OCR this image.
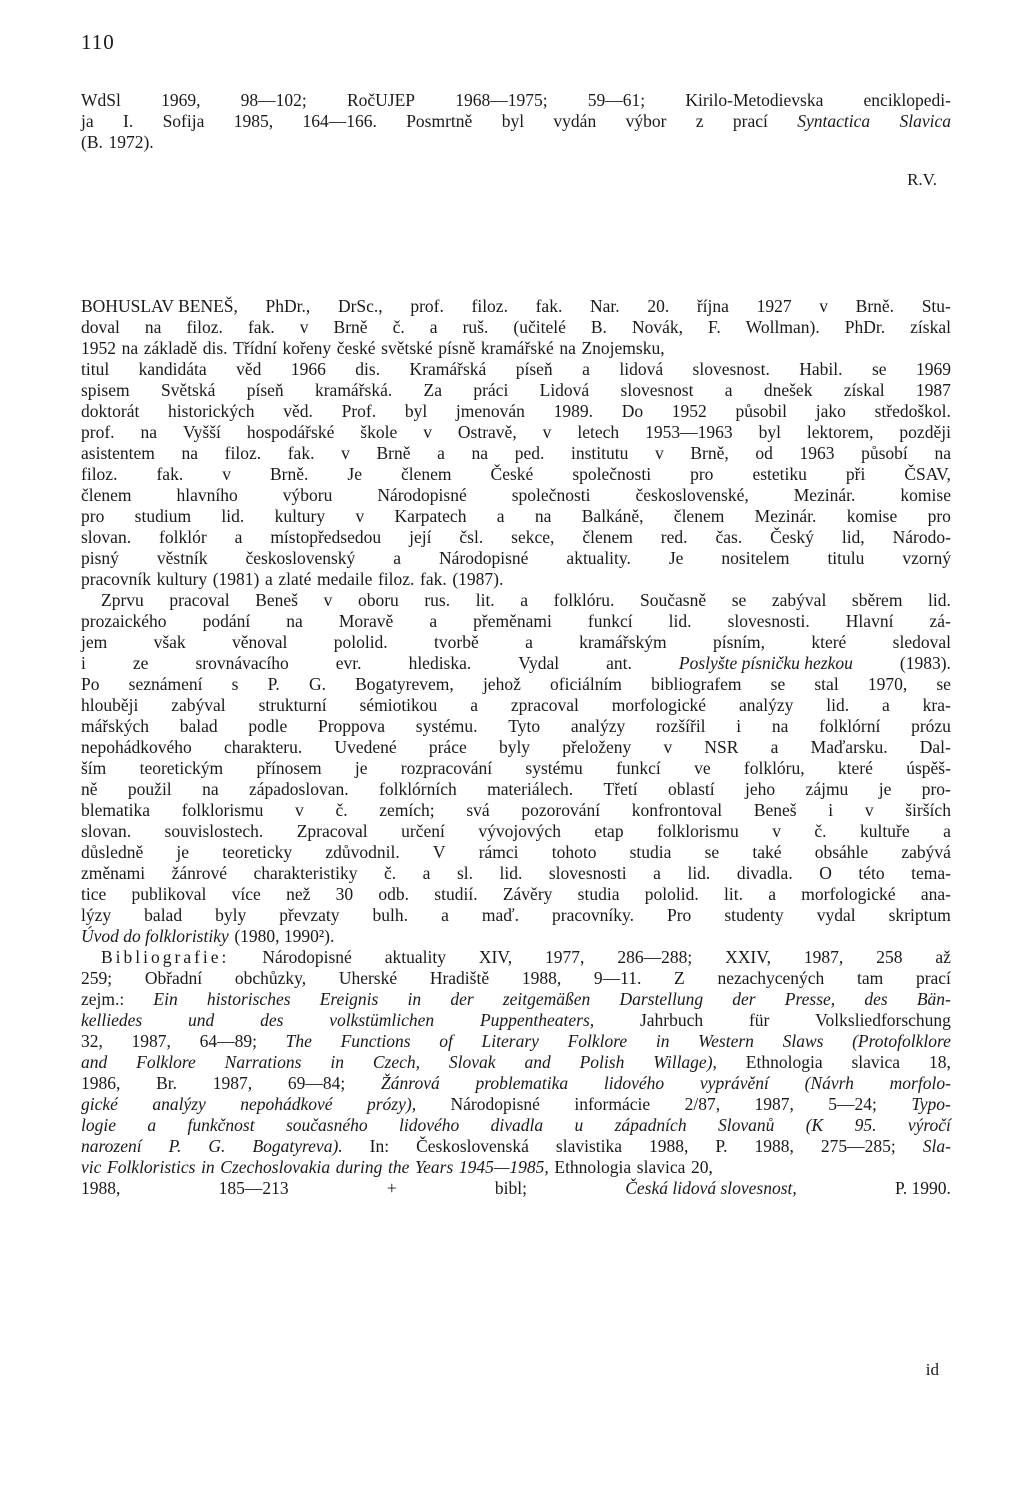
110
WdSl 1969, 98—102; RočUJEP 1968—1975; 59—61; Kirilo-Metodievska enciklopedi-
ja I. Sofija 1985, 164—166. Posmrtně byl vydán výbor z prací Syntactica Slavica
(B. 1972).
R.V.
BOHUSLAV BENEŠ, PhDr., DrSc., prof. filoz. fak. Nar. 20. října 1927 v Brně. Stu-
doval na filoz. fak. v Brně č. a ruš. (učitelé B. Novák, F. Wollman). PhDr. získal
1952 na základě dis. Třídní kořeny české světské písně kramářské na Znojemsku,
titul kandidáta věd 1966 dis. Kramářská píseň a lidová slovesnost. Habil. se 1969
spisem Světská píseň kramářská. Za práci Lidová slovesnost a dnešek získal 1987
doktorát historických věd. Prof. byl jmenován 1989. Do 1952 působil jako středoškol.
prof. na Vyšší hospodářské škole v Ostravě, v letech 1953—1963 byl lektorem, později
asistentem na filoz. fak. v Brně a na ped. institutu v Brně, od 1963 působí na
filoz. fak. v Brně. Je členem České společnosti pro estetiku při ČSAV,
členem	hlavního	výboru	Národopisné	společnosti	československé,	Mezinár.	komise
pro studium lid. kultury v Karpatech a na Balkáně, členem Mezinár. komise pro
slovan. folklór a místopředsedou její čsl. sekce, členem red. čas. Český lid, Národo-
pisný věstník československý a Národopisné aktuality. Je nositelem titulu vzorný
pracovník kultury (1981) a zlaté medaile filoz. fak. (1987).
Zprvu pracoval Beneš v oboru rus. lit. a folklóru. Současně se zabýval sběrem lid.
prozaického podání na Moravě a přeměnami funkcí lid. slovesnosti. Hlavní zá-
jem	však	věnoval	pololid.	tvorbě	a	kramářským	písním,	které	sledoval
i	ze	srovnávacího	evr.	hlediska.	Vydal	ant.	Poslyšte písničku hezkou	(1983).
Po seznámení s P. G. Bogatyrevem, jehož oficiálním bibliografem se stal 1970, se
hlouběji zabýval strukturní sémiotikou a zpracoval morfologické analýzy lid. a kra-
mářských balad podle Proppova systému. Tyto analýzy rozšířil i na folklórní prózu
nepohádkového charakteru. Uvedené práce byly přeloženy v NSR a Maďarsku. Dal-
ším teoretickým přínosem je rozpracování systému funkcí ve folklóru, které úspěš-
ně použil na západoslovan. folklórních materiálech. Třetí oblastí jeho zájmu je pro-
blematika folklorismu v č. zemích; svá pozorování konfrontoval Beneš i v širších
slovan. souvislostech. Zpracoval určení vývojových etap folklorismu v č. kultuře a
důsledně je teoreticky zdůvodnil. V rámci tohoto studia se také obsáhle zabývá
změnami žánrové charakteristiky č. a sl. lid. slovesnosti a lid. divadla. O této tema-
tice publikoval více než 30 odb. studií. Závěry studia pololid. lit. a morfologické ana-
lýzy balad byly převzaty bulh. a maď. pracovníky. Pro studenty vydal skriptum
Úvod do folkloristiky (1980, 1990²).
Bibliografie: Národopisné aktuality XIV, 1977, 286—288; XXIV, 1987, 258 až
259; Obřadní obchůzky, Uherské Hradiště 1988, 9—11. Z nezachycených tam prací
zejm.: Ein historisches Ereignis in der zeitgemäßen Darstellung der Presse, des Bän-
kelliedes	und	des	volkstümlichen	Puppentheaters,	Jahrbuch	für	Volksliedforschung
32, 1987, 64—89; The Functions of Literary Folklore in Western Slaws (Protofolklore
and Folklore Narrations in Czech, Slovak and Polish Willage), Ethnologia slavica 18,
1986, Br. 1987, 69—84; Žánrová problematika lidového vyprávění (Návrh morfolo-
gické analýzy nepohádkové prózy), Národopisné informácie 2/87, 1987, 5—24; Typo-
logie a funkčnost současného lidového divadla u západních Slovanů (K 95. výročí
narození P. G. Bogatyreva). In: Československá slavistika 1988, P. 1988, 275—285; Sla-
vic Folkloristics in Czechoslovakia during the Years 1945—1985, Ethnologia slavica 20,
1988,	185—213	+	bibl;	Česká lidová slovesnost,	P. 1990.
id
